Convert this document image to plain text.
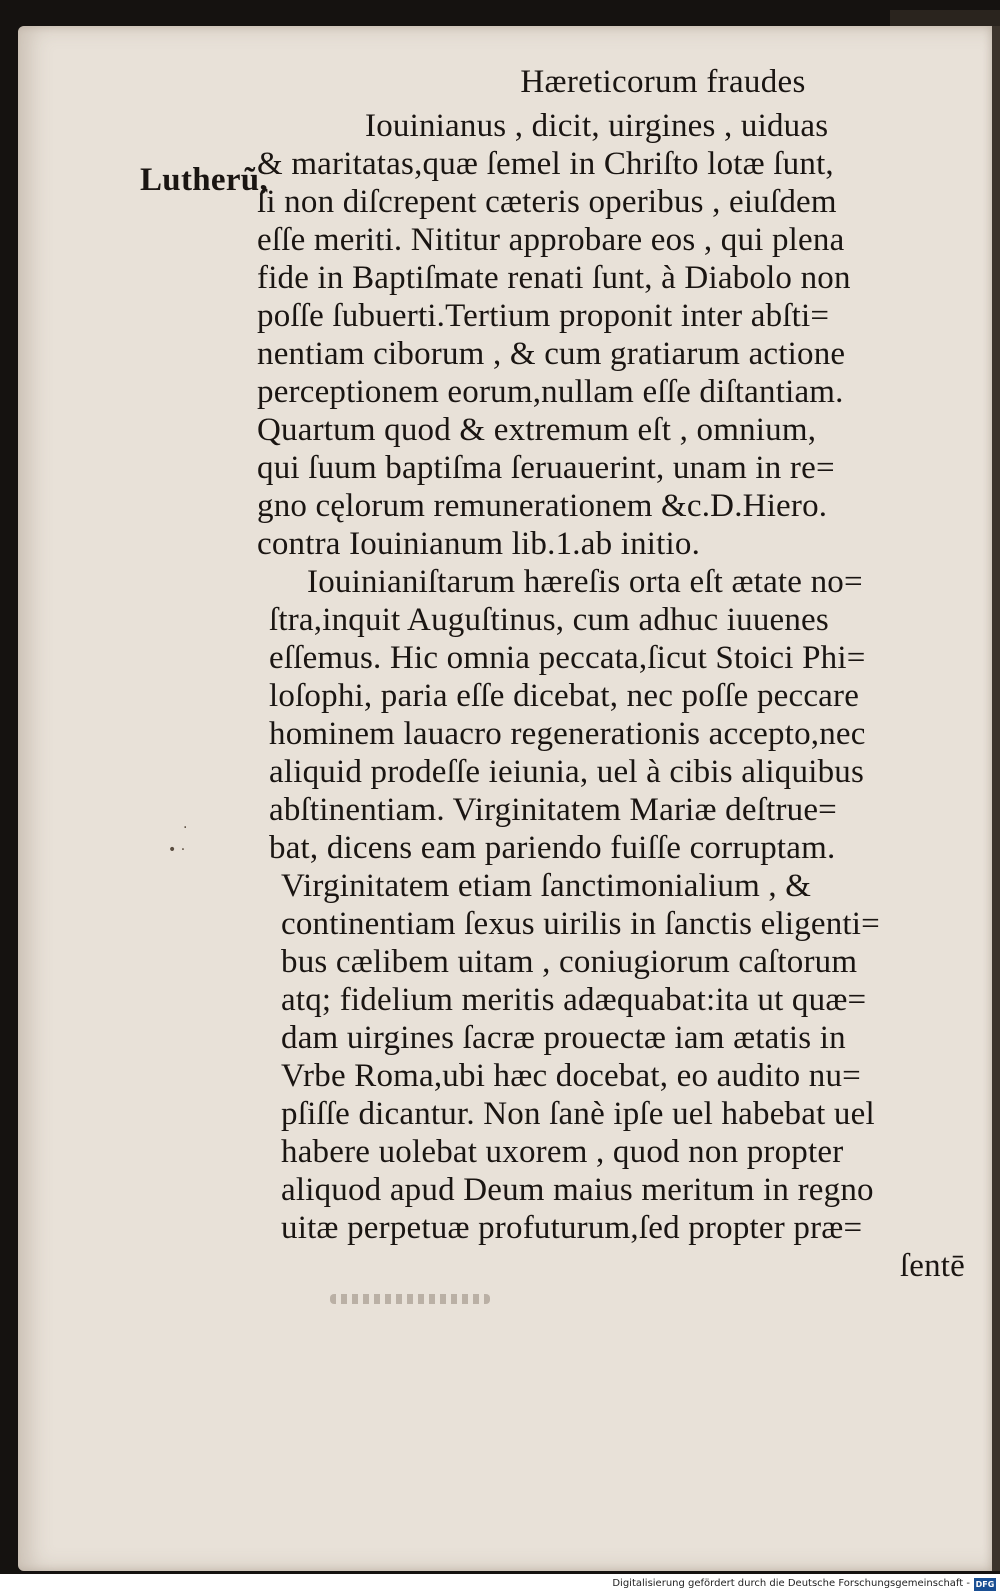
Lutherũ,
·
• ·
Hæreticorum fraudes
Iouinianus , dicit, uirgines , uiduas
& maritatas,quæ ſemel in Chriſto lotæ ſunt,
ſi non diſcrepent cæteris operibus , eiuſdem
eſſe meriti. Nititur approbare eos , qui plena
fide in Baptiſmate renati ſunt, à Diabolo non
poſſe ſubuerti.Tertium proponit inter abſti=
nentiam ciborum , & cum gratiarum actione
perceptionem eorum,nullam eſſe diſtantiam.
Quartum quod & extremum eſt , omnium,
qui ſuum baptiſma ſeruauerint, unam in re=
gno cęlorum remunerationem &c.D.Hiero.
contra Iouinianum lib.1.ab initio.
Iouinianiſtarum hæreſis orta eſt ætate no=
ſtra,inquit Auguſtinus, cum adhuc iuuenes
eſſemus. Hic omnia peccata,ſicut Stoici Phi=
loſophi, paria eſſe dicebat, nec poſſe peccare
hominem lauacro regenerationis accepto,nec
aliquid prodeſſe ieiunia, uel à cibis aliquibus
abſtinentiam. Virginitatem Mariæ deſtrue=
bat, dicens eam pariendo fuiſſe corruptam.
Virginitatem etiam ſanctimonialium , &
continentiam ſexus uirilis in ſanctis eligenti=
bus cælibem uitam , coniugiorum caſtorum
atq; fidelium meritis adæquabat:ita ut quæ=
dam uirgines ſacræ prouectæ iam ætatis in
Vrbe Roma,ubi hæc docebat, eo audito nu=
pſiſſe dicantur. Non ſanè ipſe uel habebat uel
habere uolebat uxorem , quod non propter
aliquod apud Deum maius meritum in regno
uitæ perpetuæ profuturum,ſed propter præ=
ſentē
Digitalisierung gefördert durch die Deutsche Forschungsgemeinschaft - DFG
